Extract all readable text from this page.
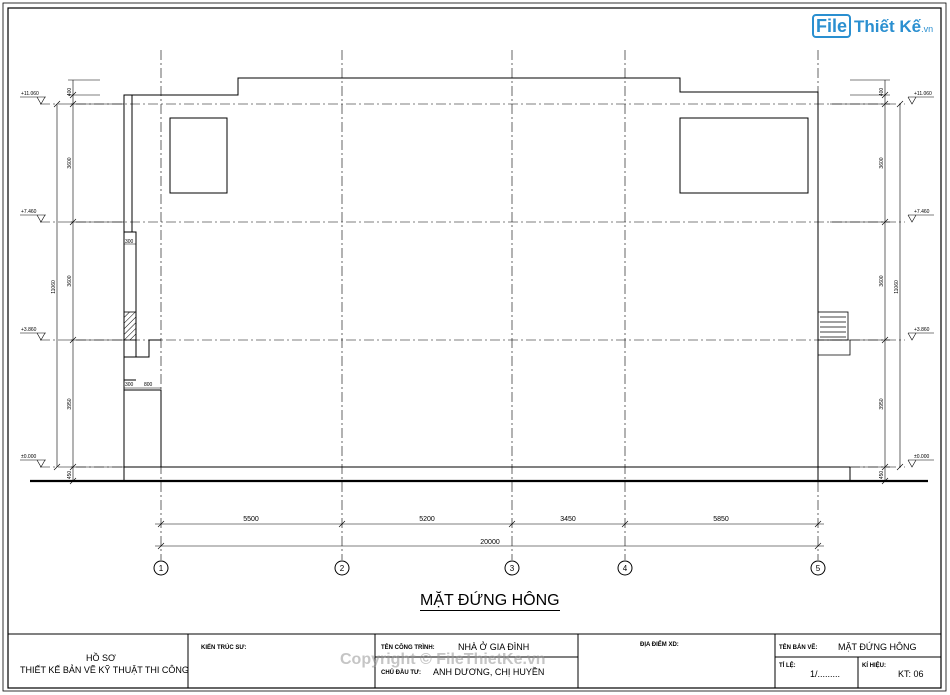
400
3600
3600
3950
450
11060
400
3600
3600
3950
450
11060
+11.060
+7.460
+3.860
±0.000
+11.060
+7.460
+3.860
±0.000
300
300 800
5500	5200	3450	5850
20000
1	2	3	4	5
File Thiết Kế.vn
MẶT ĐỨNG HÔNG
HỒ SƠ
THIẾT KẾ BẢN VẼ KỸ THUẬT THI CÔNG
KIẾN TRÚC SƯ:	TÊN CÔNG TRÌNH:	NHÀ Ở GIA ĐÌNH
CHỦ ĐẦU TƯ: ANH DƯƠNG, CHỊ HUYỀN
ĐỊA ĐIỂM XD:	TÊN BẢN VẼ: MẶT ĐỨNG HÔNG
TỈ LỆ:
1/.........
KÍ HIỆU:
KT: 06
Copyright © FileThietKe.vn
